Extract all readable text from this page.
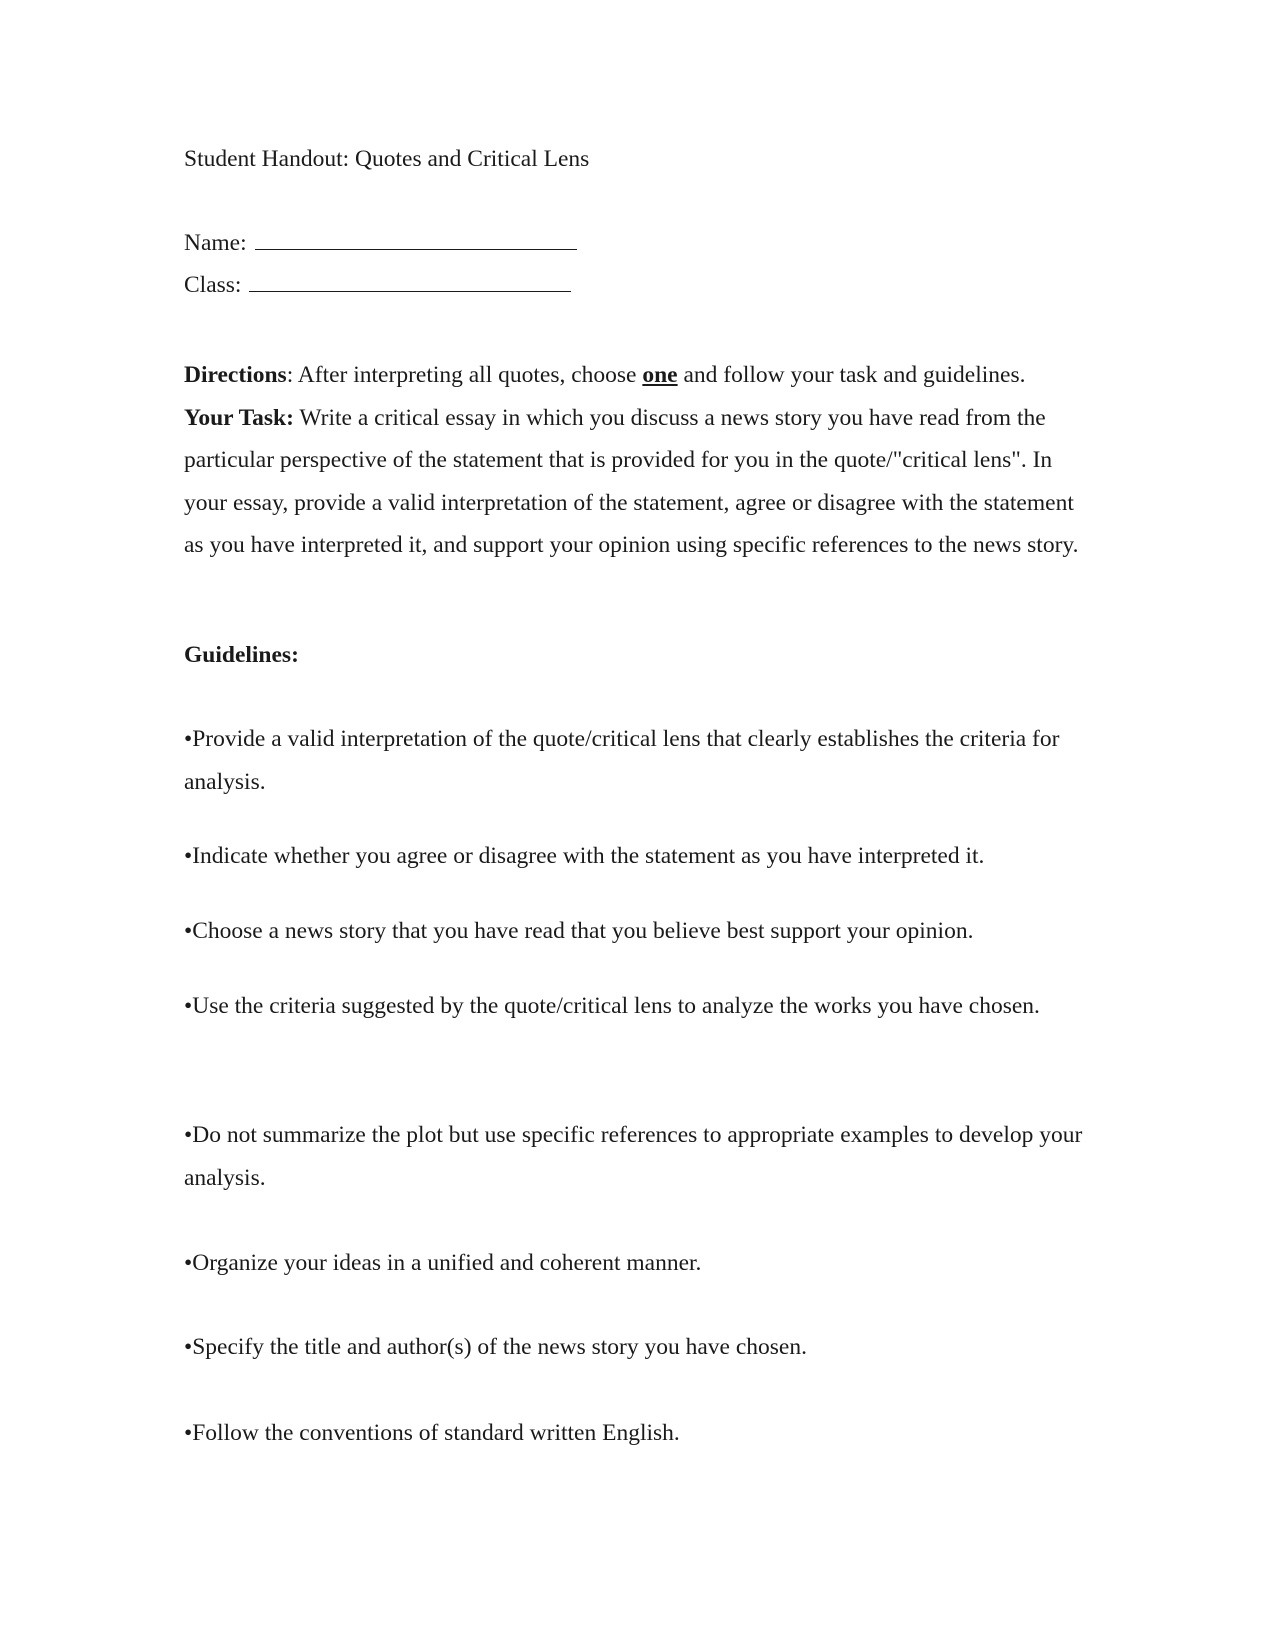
Student Handout: Quotes and Critical Lens
Name:
Class:

Directions: After interpreting all quotes, choose one and follow your task and guidelines.

Your Task: Write a critical essay in which you discuss a news story you have read from the particular perspective of the statement that is provided for you in the quote/"critical lens". In your essay, provide a valid interpretation of the statement, agree or disagree with the statement as you have interpreted it, and support your opinion using specific references to the news story.

Guidelines:

•Provide a valid interpretation of the quote/critical lens that clearly establishes the criteria for analysis.

•Indicate whether you agree or disagree with the statement as you have interpreted it.

•Choose a news story that you have read that you believe best support your opinion.

•Use the criteria suggested by the quote/critical lens to analyze the works you have chosen.

•Do not summarize the plot but use specific references to appropriate examples to develop your analysis.

•Organize your ideas in a unified and coherent manner.

•Specify the title and author(s) of the news story you have chosen.

•Follow the conventions of standard written English.
